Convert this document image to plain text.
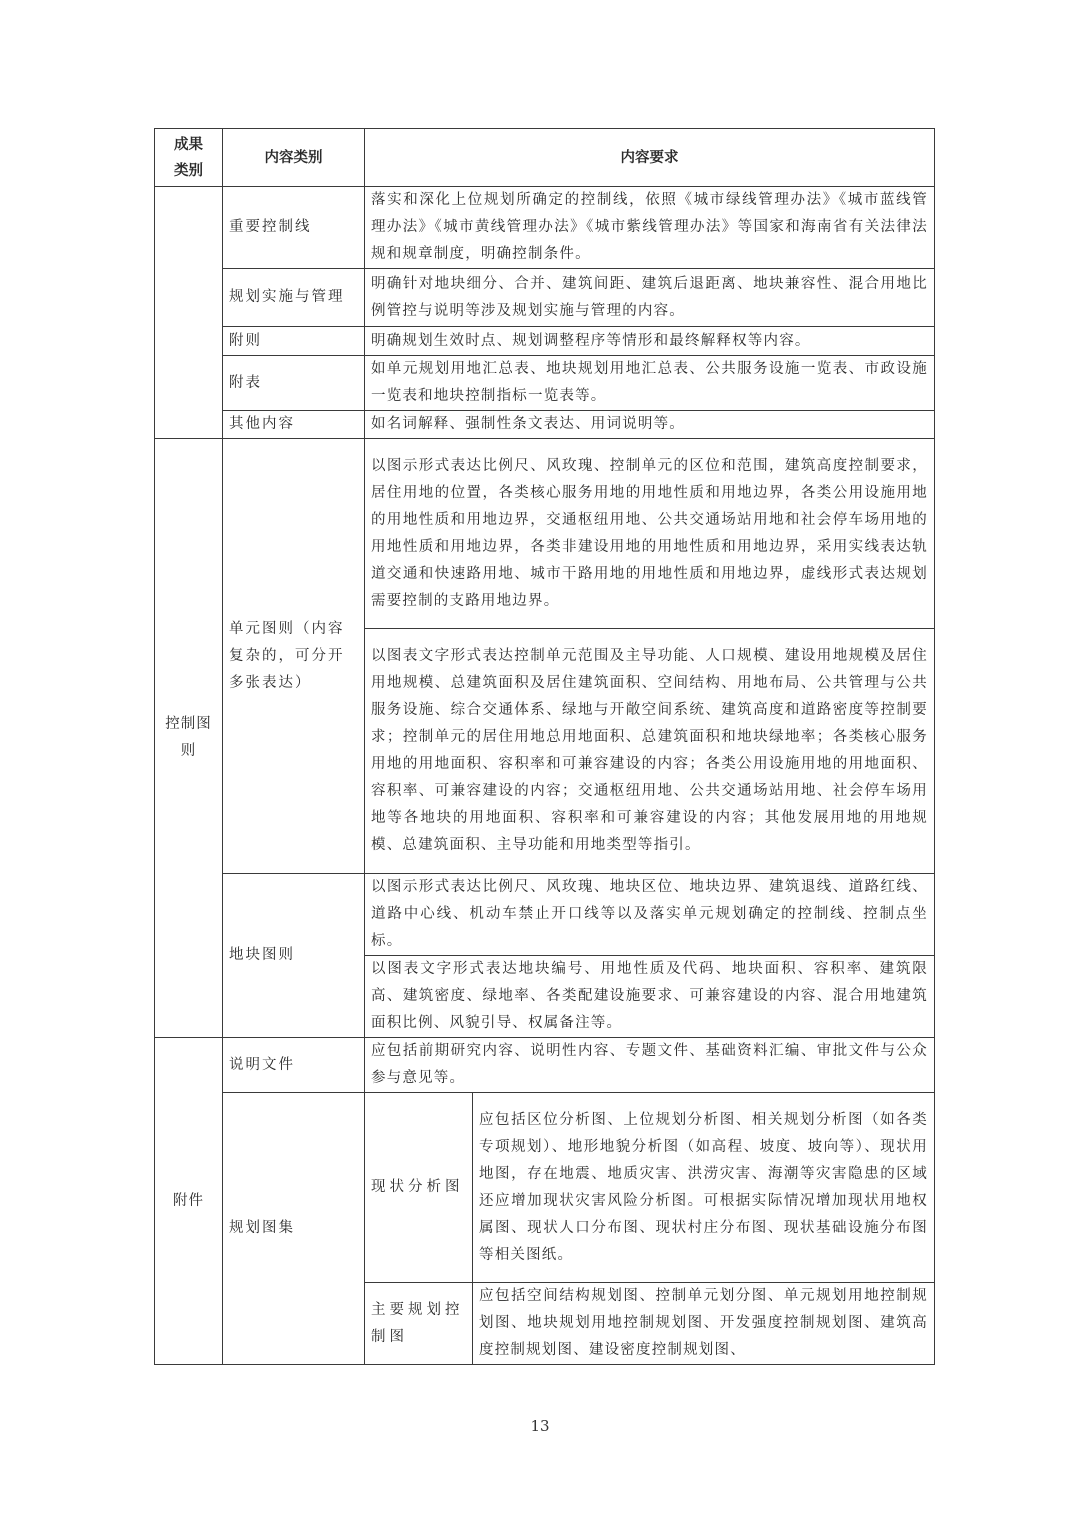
成果类别	内容类别	内容要求	
	重要控制线	落实和深化上位规划所确定的控制线，依照《城市绿线管理办法》《城市蓝线管理办法》《城市黄线管理办法》《城市紫线管理办法》等国家和海南省有关法律法规和规章制度，明确控制条件。	
	规划实施与管理	明确针对地块细分、合并、建筑间距、建筑后退距离、地块兼容性、混合用地比例管控与说明等涉及规划实施与管理的内容。	
	附则	明确规划生效时点、规划调整程序等情形和最终解释权等内容。	
	附表	如单元规划用地汇总表、地块规划用地汇总表、公共服务设施一览表、市政设施一览表和地块控制指标一览表等。	
	其他内容	如名词解释、强制性条文表达、用词说明等。	
控制图则	单元图则（内容复杂的，可分开多张表达）	以图示形式表达比例尺、风玫瑰、控制单元的区位和范围，建筑高度控制要求，居住用地的位置，各类核心服务用地的用地性质和用地边界，各类公用设施用地的用地性质和用地边界，交通枢纽用地、公共交通场站用地和社会停车场用地的用地性质和用地边界，各类非建设用地的用地性质和用地边界，采用实线表达轨道交通和快速路用地、城市干路用地的用地性质和用地边界，虚线形式表达规划需要控制的支路用地边界。	
		以图表文字形式表达控制单元范围及主导功能、人口规模、建设用地规模及居住用地规模、总建筑面积及居住建筑面积、空间结构、用地布局、公共管理与公共服务设施、综合交通体系、绿地与开敞空间系统、建筑高度和道路密度等控制要求；控制单元的居住用地总用地面积、总建筑面积和地块绿地率；各类核心服务用地的用地面积、容积率和可兼容建设的内容；各类公用设施用地的用地面积、容积率、可兼容建设的内容；交通枢纽用地、公共交通场站用地、社会停车场用地等各地块的用地面积、容积率和可兼容建设的内容；其他发展用地的用地规模、总建筑面积、主导功能和用地类型等指引。	
	地块图则	以图示形式表达比例尺、风玫瑰、地块区位、地块边界、建筑退线、道路红线、道路中心线、机动车禁止开口线等以及落实单元规划确定的控制线、控制点坐标。	
		以图表文字形式表达地块编号、用地性质及代码、地块面积、容积率、建筑限高、建筑密度、绿地率、各类配建设施要求、可兼容建设的内容、混合用地建筑面积比例、风貌引导、权属备注等。	
附件	说明文件	应包括前期研究内容、说明性内容、专题文件、基础资料汇编、审批文件与公众参与意见等。	
	规划图集	现状分析图	应包括区位分析图、上位规划分析图、相关规划分析图（如各类专项规划）、地形地貌分析图（如高程、坡度、坡向等）、现状用地图，存在地震、地质灾害、洪涝灾害、海潮等灾害隐患的区域还应增加现状灾害风险分析图。可根据实际情况增加现状用地权属图、现状人口分布图、现状村庄分布图、现状基础设施分布图等相关图纸。
		主要规划控制图	应包括空间结构规划图、控制单元划分图、单元规划用地控制规划图、地块规划用地控制规划图、开发强度控制规划图、建筑高度控制规划图、建设密度控制规划图、
13
